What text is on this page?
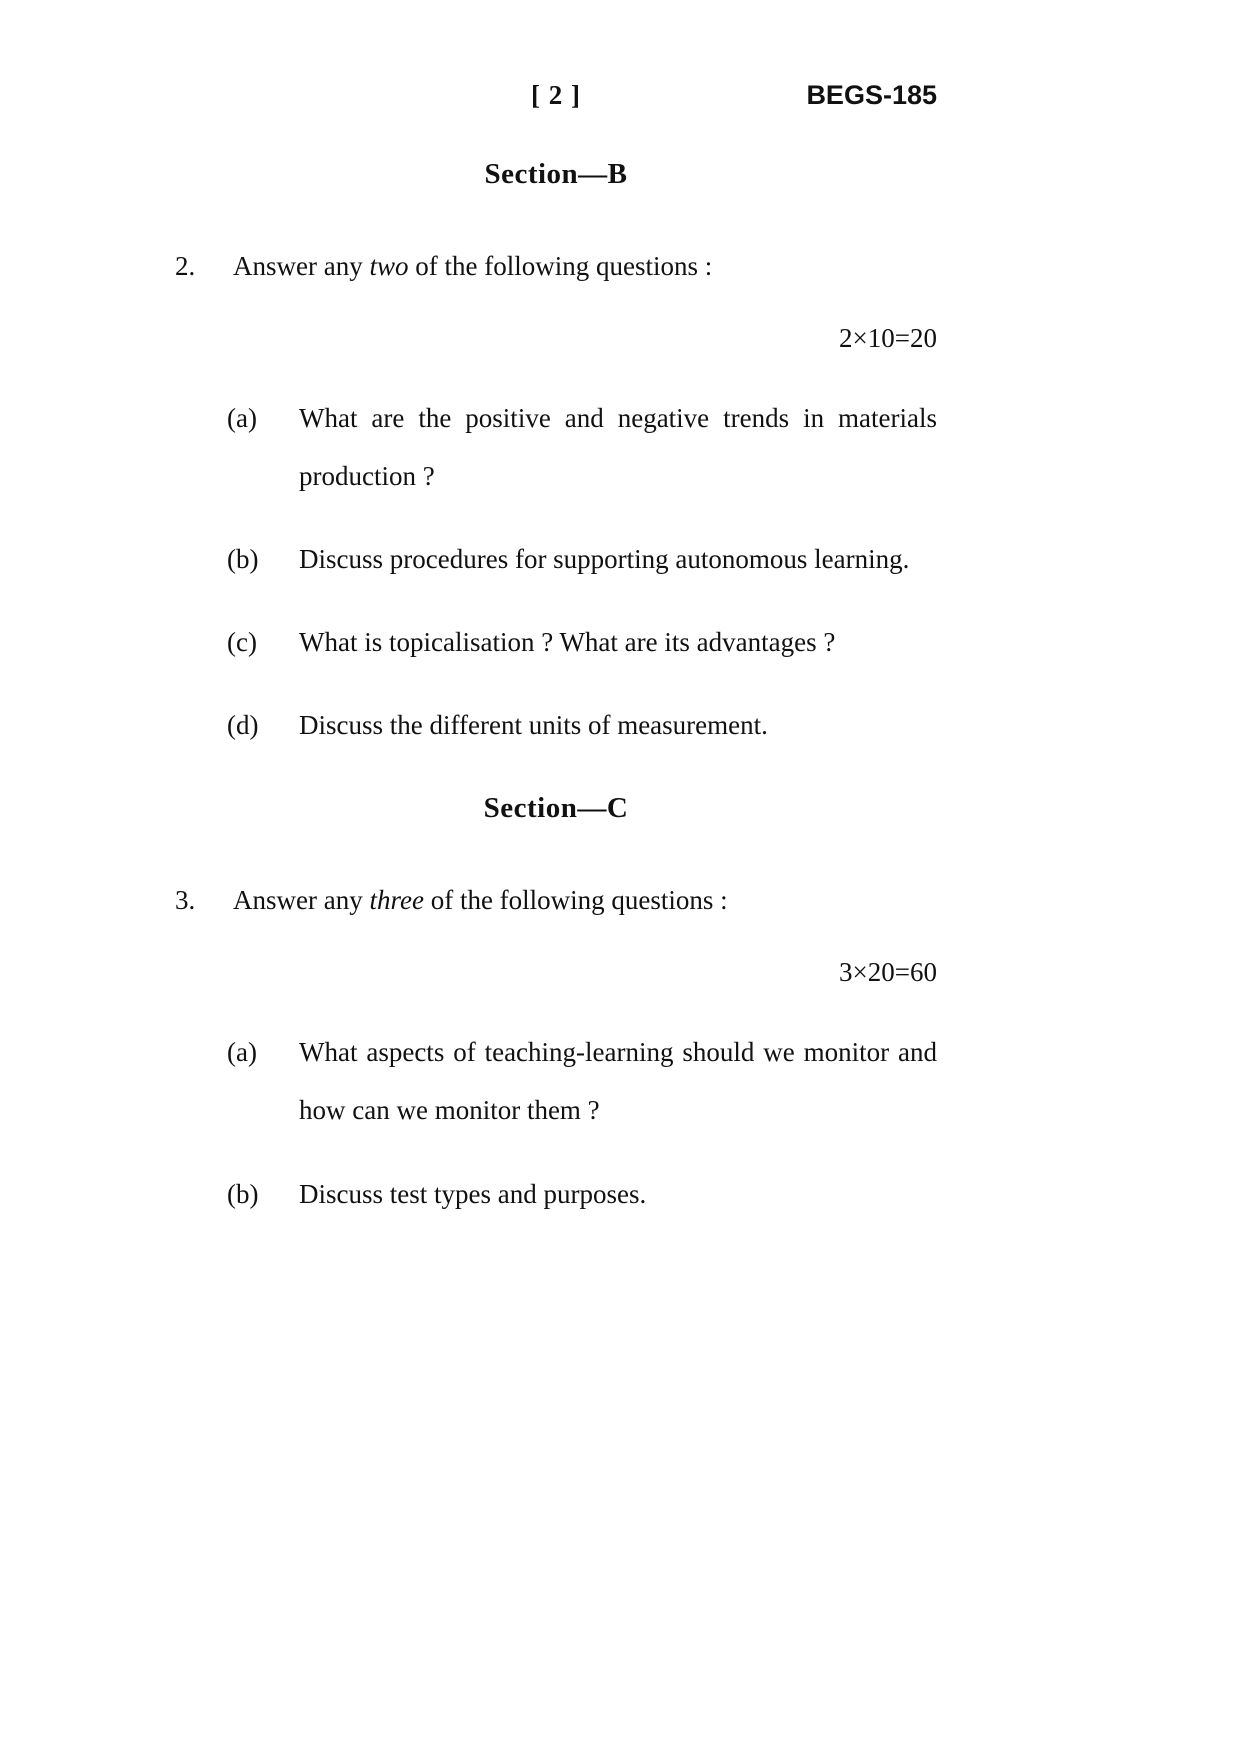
[ 2 ]	BEGS-185
Section—B
2.	Answer any two of the following questions :
2×10=20
(a)	What are the positive and negative trends in materials production ?
(b)	Discuss procedures for supporting autonomous learning.
(c)	What is topicalisation ? What are its advantages ?
(d)	Discuss the different units of measurement.
Section—C
3.	Answer any three of the following questions :
3×20=60
(a)	What aspects of teaching-learning should we monitor and how can we monitor them ?
(b)	Discuss test types and purposes.
